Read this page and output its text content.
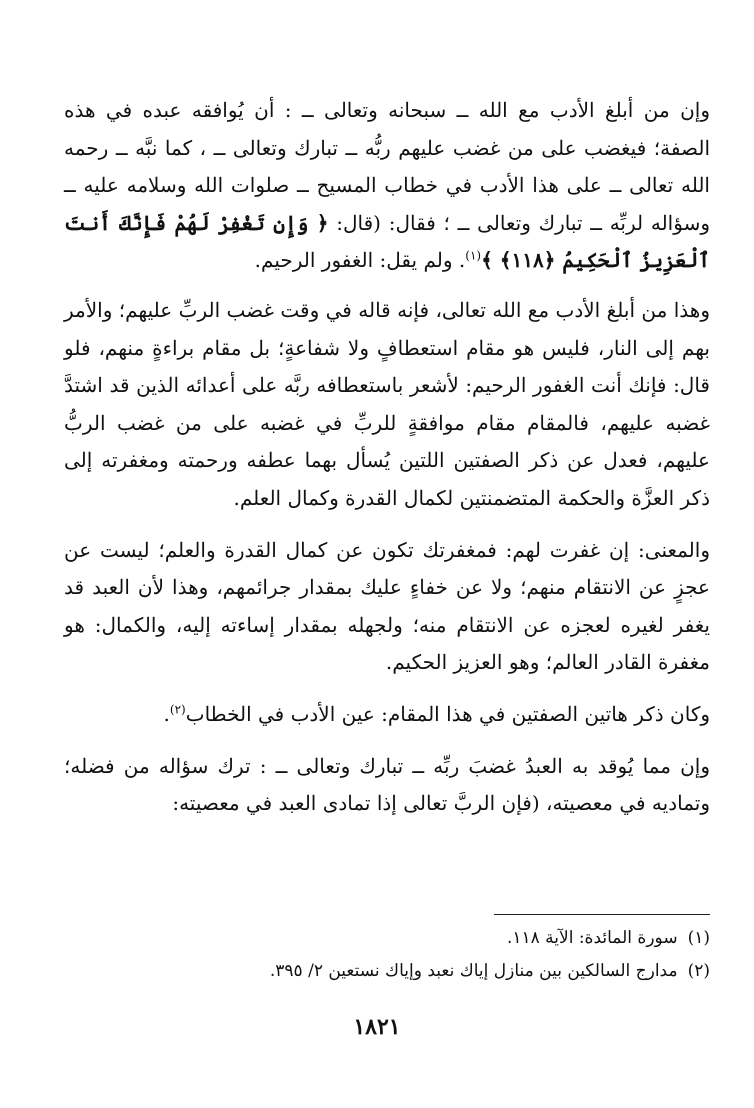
وإن من أبلغ الأدب مع الله ــ سبحانه وتعالى ــ : أن يُوافقه عبده في هذه الصفة؛ فيغضب على من غضب عليهم ربُّه ــ تبارك وتعالى ــ ، كما نبَّه ــ رحمه الله تعالى ــ على هذا الأدب في خطاب المسيح ــ صلوات الله وسلامه عليه ــ وسؤاله لربِّه ــ تبارك وتعالى ــ ؛ فقال: (قال: ﴿ وَإِن تَغْفِرْ لَهُمْ فَإِنَّكَ أَنتَ ٱلْعَزِيزُ ٱلْحَكِيمُ ﴿١١٨﴾ ﴾$^{(١)}$. ولم يقل: الغفور الرحيم.

وهذا من أبلغ الأدب مع الله تعالى، فإنه قاله في وقت غضب الربِّ عليهم؛ والأمر بهم إلى النار، فليس هو مقام استعطافٍ ولا شفاعةٍ؛ بل مقام براءةٍ منهم، فلو قال: فإنك أنت الغفور الرحيم: لأشعر باستعطافه ربَّه على أعدائه الذين قد اشتدَّ غضبه عليهم، فالمقام مقام موافقةٍ للربِّ في غضبه على من غضب الربُّ عليهم، فعدل عن ذكر الصفتين اللتين يُسأل بهما عطفه ورحمته ومغفرته إلى ذكر العزَّة والحكمة المتضمنتين لكمال القدرة وكمال العلم.

والمعنى: إن غفرت لهم: فمغفرتك تكون عن كمال القدرة والعلم؛ ليست عن عجزٍ عن الانتقام منهم؛ ولا عن خفاءٍ عليك بمقدار جرائمهم، وهذا لأن العبد قد يغفر لغيره لعجزه عن الانتقام منه؛ ولجهله بمقدار إساءته إليه، والكمال: هو مغفرة القادر العالم؛ وهو العزيز الحكيم.

وكان ذكر هاتين الصفتين في هذا المقام: عين الأدب في الخطاب$^{(٢)}$.

وإن مما يُوقد به العبدُ غضبَ ربِّه ــ تبارك وتعالى ــ : ترك سؤاله من فضله؛ وتماديه في معصيته، (فإن الربَّ تعالى إذا تمادى العبد في معصيته:

(١)سورة المائدة: الآية ١١٨.

(٢)مدارج السالكين بين منازل إياك نعبد وإياك نستعين ٢/ ٣٩٥.

١٨٢١
